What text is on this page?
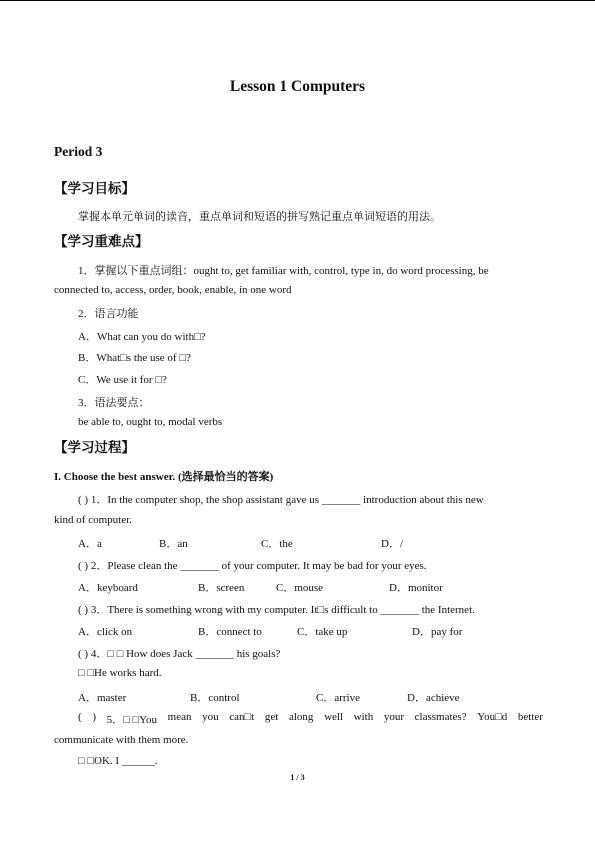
Lesson 1 Computers
Period 3
【学习目标】
掌握本单元单词的读音，重点单词和短语的拼写熟记重点单词短语的用法。
【学习重难点】
1．掌握以下重点词组：ought to, get familiar with, control, type in, do word processing, be
connected to, access, order, book, enable, in one word
2．语言功能
A．What can you do with□?
B．What□s the use of □?
C．We use it for □?
3．语法要点：
be able to, ought to, modal verbs
【学习过程】
I. Choose the best answer. (选择最恰当的答案)
( ) 1．In the computer shop, the shop assistant gave us _______ introduction about this new
kind of computer.
A．a	B．an	C．the	D．/
( ) 2．Please clean the _______ of your computer. It may be bad for your eyes.
A．keyboard	B．screen	C．mouse	D．monitor
( ) 3．There is something wrong with my computer. It□s difficult to _______ the Internet.
A．click on	B．connect to	C．take up	D．pay for
( ) 4．□ □ How does Jack _______ his goals?
□ □He works hard.
A．master	B．control	C．arrive	D．achieve
( ) 5．□ □You mean you can□t get along well with your classmates? You□d better
communicate with them more.
□ □OK. I ______.
1 / 3
